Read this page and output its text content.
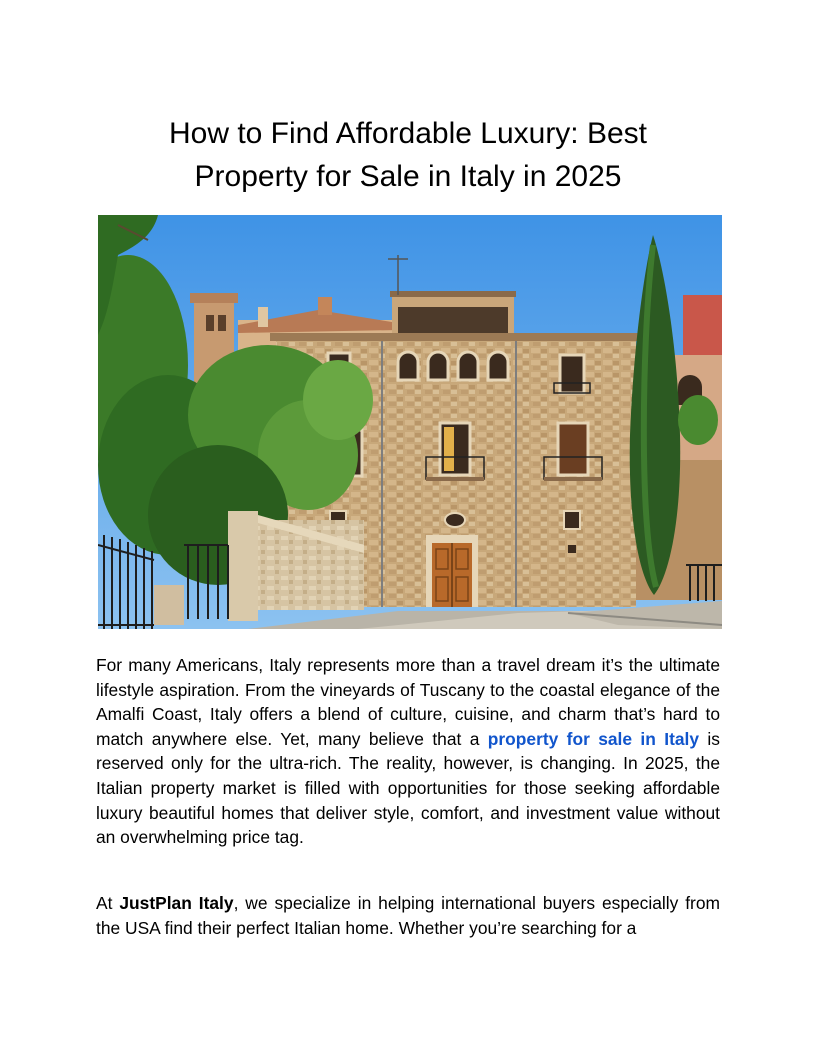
How to Find Affordable Luxury: Best
Property for Sale in Italy in 2025

For many Americans, Italy represents more than a travel dream it’s the ultimate lifestyle aspiration. From the vineyards of Tuscany to the coastal elegance of the Amalfi Coast, Italy offers a blend of culture, cuisine, and charm that’s hard to match anywhere else. Yet, many believe that a property for sale in Italy is reserved only for the ultra-rich. The reality, however, is changing. In 2025, the Italian property market is filled with opportunities for those seeking affordable luxury beautiful homes that deliver style, comfort, and investment value without an overwhelming price tag.

At JustPlan Italy, we specialize in helping international buyers especially from the USA find their perfect Italian home. Whether you’re searching for a
